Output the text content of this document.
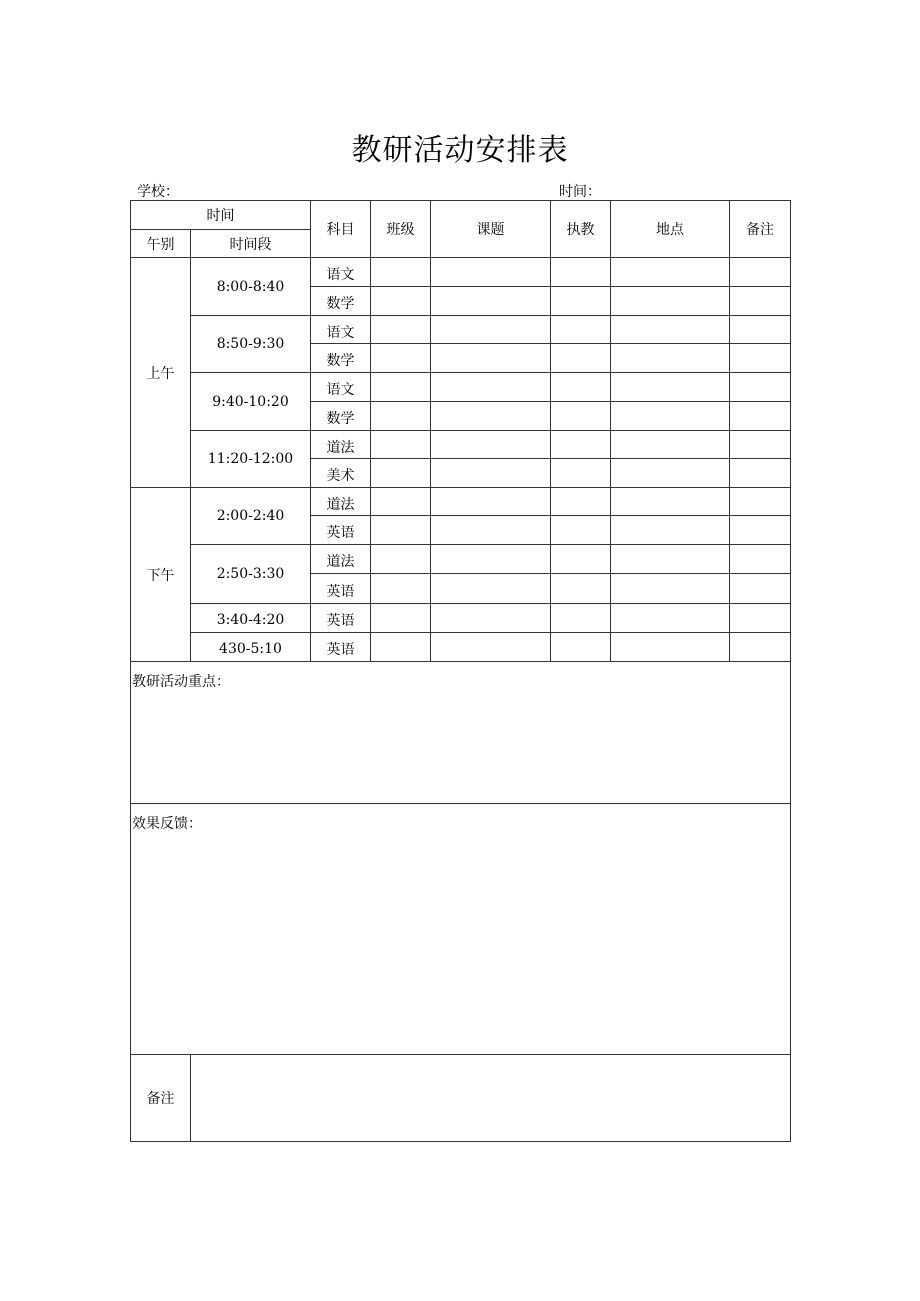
教研活动安排表
学校：	时间：
时间		科目	班级	课题	执教	地点	备注
午别	时间段						
上午	8:00-8:40	语文					
		数学					
	8:50-9:30	语文					
		数学					
	9:40-10:20	语文					
		数学					
	11:20-12:00	道法					
		美术					
下午	2:00-2:40	道法					
		英语					
	2:50-3:30	道法					
		英语					
	3:40-4:20	英语					
	430-5:10	英语					
教研活动重点：							
效果反馈：							
备注							
